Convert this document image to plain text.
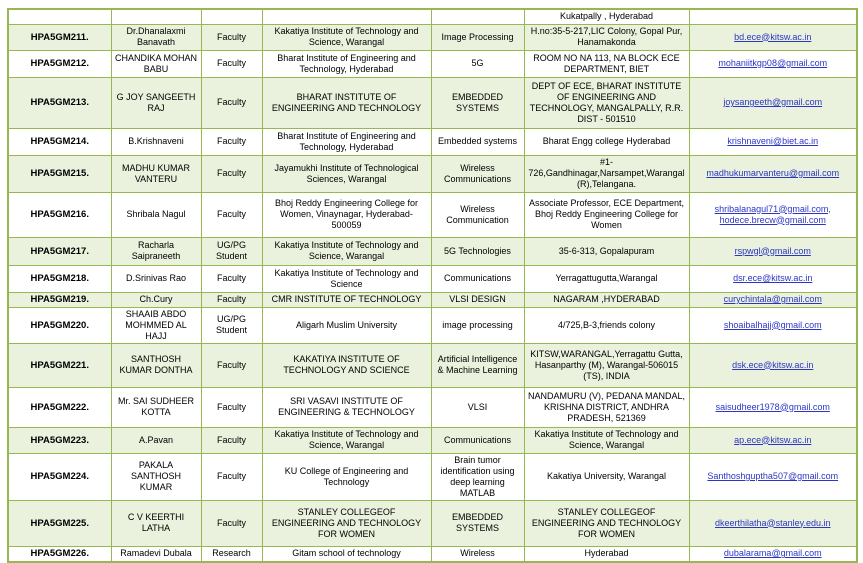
					Kukatpally , Hyderabad	
HPA5GM211.	Dr.Dhanalaxmi Banavath	Faculty	Kakatiya Institute of Technology and Science, Warangal	Image Processing	H.no:35-5-217,LIC Colony, Gopal Pur, Hanamakonda	bd.ece@kitsw.ac.in
HPA5GM212.	CHANDIKA MOHAN BABU	Faculty	Bharat Institute of Engineering and Technology, Hyderabad	5G	ROOM NO NA 113, NA BLOCK ECE DEPARTMENT, BIET	mohaniitkgp08@gmail.com
HPA5GM213.	G JOY SANGEETH RAJ	Faculty	BHARAT INSTITUTE OF ENGINEERING AND TECHNOLOGY	EMBEDDED SYSTEMS	DEPT OF ECE, BHARAT INSTITUTE OF ENGINEERING AND TECHNOLOGY, MANGALPALLY, R.R. DIST - 501510	joysangeeth@gmail.com
HPA5GM214.	B.Krishnaveni	Faculty	Bharat Institute of Engineering and Technology, Hyderabad	Embedded systems	Bharat Engg college Hyderabad	krishnaveni@biet.ac.in
HPA5GM215.	MADHU KUMAR VANTERU	Faculty	Jayamukhi Institute of Technological Sciences, Warangal	Wireless Communications	#1-726,Gandhinagar,Narsampet,Warangal (R),Telangana.	madhukumarvanteru@gmail.com
HPA5GM216.	Shribala Nagul	Faculty	Bhoj Reddy Engineering College for Women, Vinaynagar, Hyderabad-500059	Wireless Communication	Associate Professor, ECE Department, Bhoj Reddy Engineering College for Women	shribalanagul71@gmail.com, hodece.brecw@gmail.com
HPA5GM217.	Racharla Saipraneeth	UG/PG Student	Kakatiya Institute of Technology and Science, Warangal	5G Technologies	35-6-313, Gopalapuram	rspwgl@gmail.com
HPA5GM218.	D.Srinivas Rao	Faculty	Kakatiya Institute of Technology and Science	Communications	Yerragattugutta,Warangal	dsr.ece@kitsw.ac.in
HPA5GM219.	Ch.Cury	Faculty	CMR INSTITUTE OF TECHNOLOGY	VLSI DESIGN	NAGARAM ,HYDERABAD	curychintala@gmail.com
HPA5GM220.	SHAAIB ABDO MOHMMED AL HAJJ	UG/PG Student	Aligarh Muslim University	image processing	4/725,B-3,friends colony	shoaibalhajj@gmail.com
HPA5GM221.	SANTHOSH KUMAR DONTHA	Faculty	KAKATIYA INSTITUTE OF TECHNOLOGY AND SCIENCE	Artificial Intelligence & Machine Learning	KITSW,WARANGAL,Yerragattu Gutta, Hasanparthy (M), Warangal-506015 (TS), INDIA	dsk.ece@kitsw.ac.in
HPA5GM222.	Mr. SAI SUDHEER KOTTA	Faculty	SRI VASAVI INSTITUTE OF ENGINEERING & TECHNOLOGY	VLSI	NANDAMURU (V), PEDANA MANDAL, KRISHNA DISTRICT, ANDHRA PRADESH, 521369	saisudheer1978@gmail.com
HPA5GM223.	A.Pavan	Faculty	Kakatiya Institute of Technology and Science, Warangal	Communications	Kakatiya Institute of Technology and Science, Warangal	ap.ece@kitsw.ac.in
HPA5GM224.	PAKALA SANTHOSH KUMAR	Faculty	KU College of Engineering and Technology	Brain tumor identification using deep learning MATLAB	Kakatiya University, Warangal	Santhoshguptha507@gmail.com
HPA5GM225.	C V KEERTHI LATHA	Faculty	STANLEY COLLEGEOF ENGINEERING AND TECHNOLOGY FOR WOMEN	EMBEDDED SYSTEMS	STANLEY COLLEGEOF ENGINEERING AND TECHNOLOGY FOR WOMEN	dkeerthilatha@stanley.edu.in
HPA5GM226.	Ramadevi Dubala	Research	Gitam school of technology	Wireless	Hyderabad	dubalarama@gmail.com
